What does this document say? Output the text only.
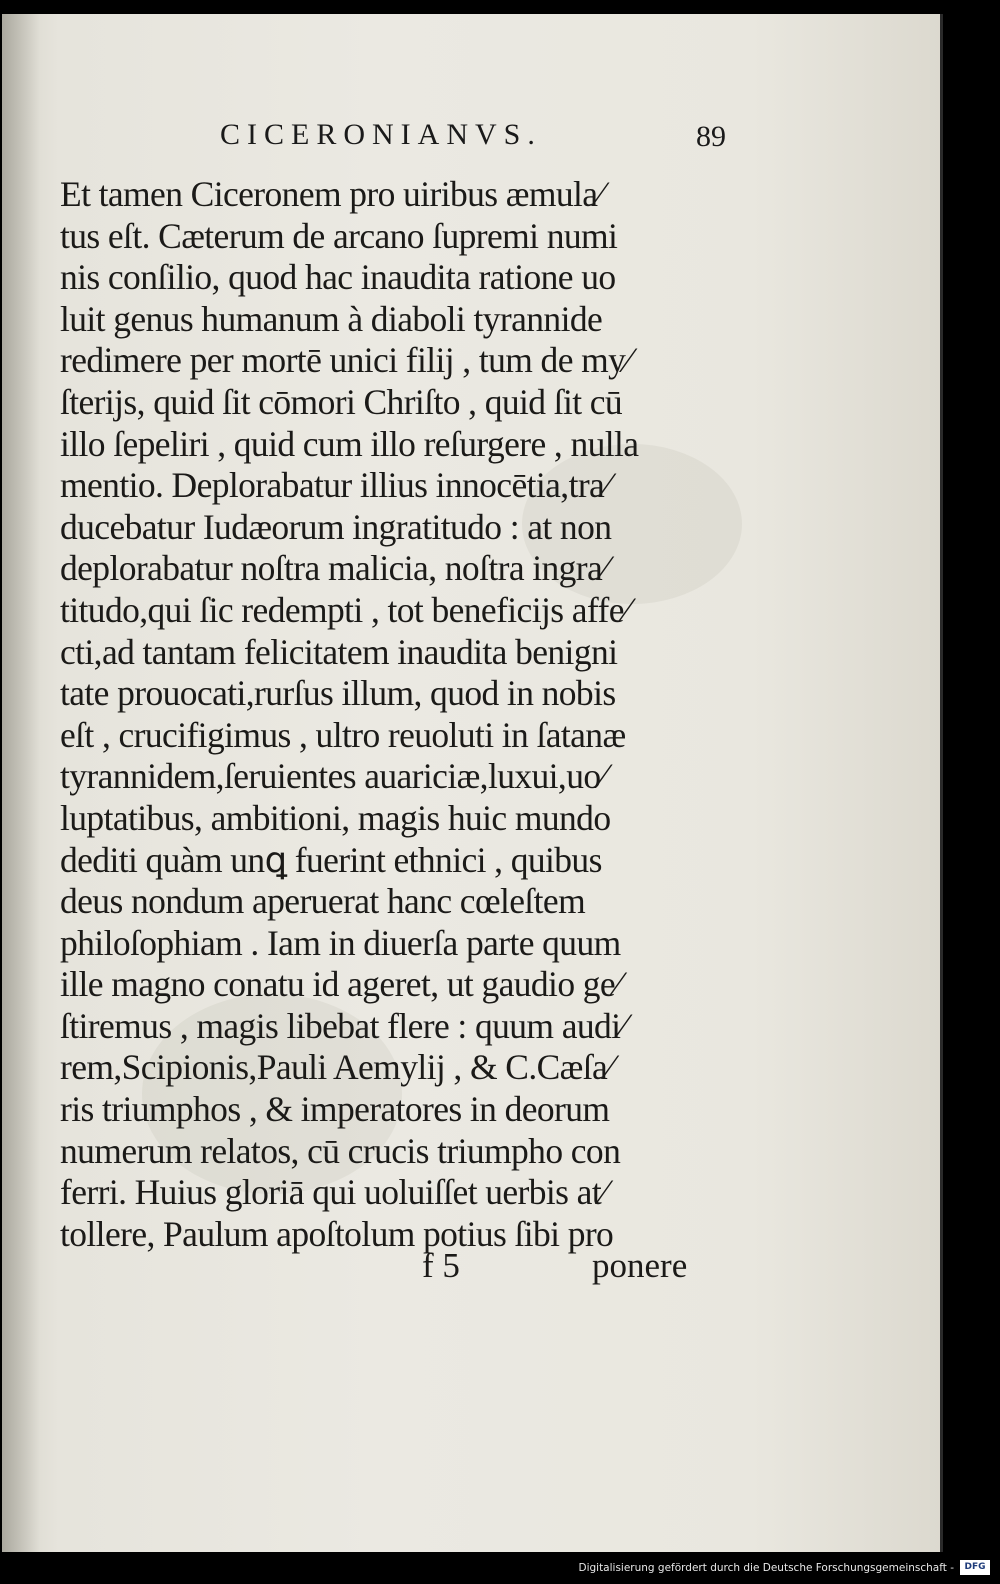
CICERONIANVS.	89
Et tamen Ciceronem pro uiribus æmula⁄
tus eſt. Cæterum de arcano ſupremi numi
nis conſilio, quod hac inaudita ratione uo
luit genus humanum à diaboli tyrannide
redimere per mortē unici filij , tum de my⁄
ſterijs, quid ſit cōmori Chriſto , quid ſit cū
illo ſepeliri , quid cum illo reſurgere , nulla
mentio. Deplorabatur illius innocētia,tra⁄
ducebatur Iudæorum ingratitudo : at non
deplorabatur noſtra malicia, noſtra ingra⁄
titudo,qui ſic redempti , tot beneficijs affe⁄
cti,ad tantam felicitatem inaudita benigni
tate prouocati,rurſus illum, quod in nobis
eſt , crucifigimus , ultro reuoluti in ſatanæ
tyrannidem,ſeruientes auariciæ,luxui,uo⁄
luptatibus, ambitioni, magis huic mundo
dediti quàm unꝗ fuerint ethnici , quibus
deus nondum aperuerat hanc cœleſtem
philoſophiam . Iam in diuerſa parte quum
ille magno conatu id ageret, ut gaudio ge⁄
ſtiremus , magis libebat flere : quum audi⁄
rem,Scipionis,Pauli Aemylij , & C.Cæſa⁄
ris triumphos , & imperatores in deorum
numerum relatos, cū crucis triumpho con
ferri. Huius gloriā qui uoluiſſet uerbis at⁄
tollere, Paulum apoſtolum potius ſibi pro
f 5	ponere
Digitalisierung gefördert durch die Deutsche Forschungsgemeinschaft -	DFG
